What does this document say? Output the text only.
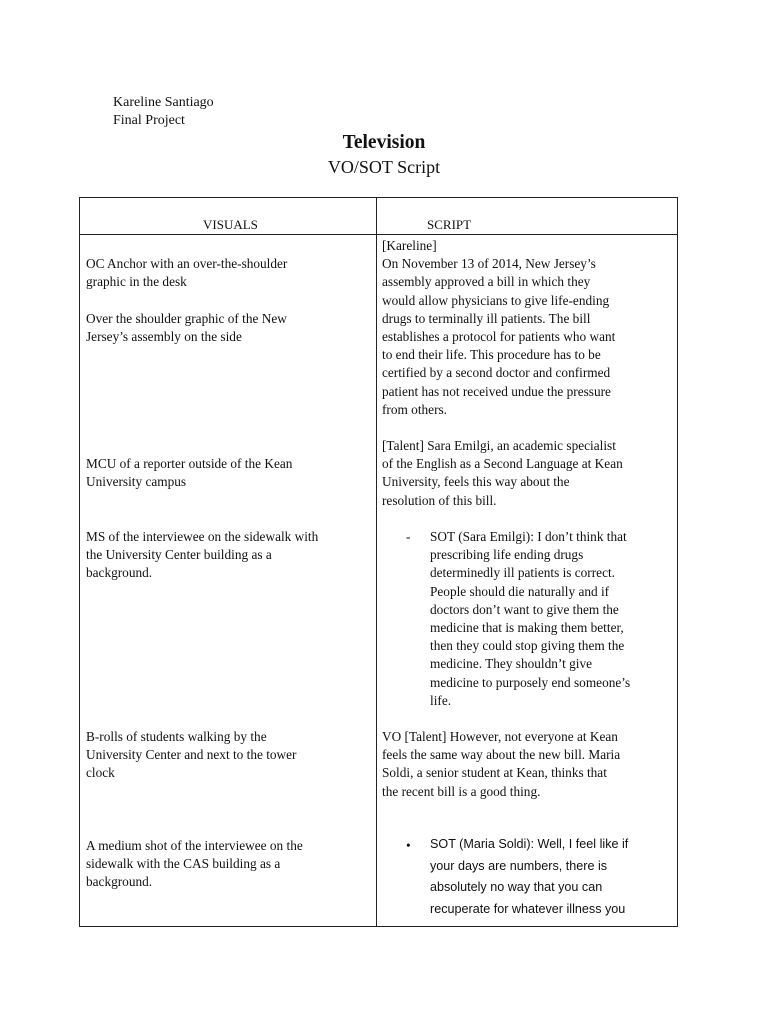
Kareline Santiago
Final Project
Television
VO/SOT Script
VISUALS	SCRIPT
OC Anchor with an over-the-shoulder
graphic in the desk
Over the shoulder graphic of the New
Jersey’s assembly on the side
MCU of a reporter outside of the Kean
University campus
MS of the interviewee on the sidewalk with
the University Center building as a
background.
B-rolls of students walking by the
University Center and next to the tower
clock
A medium shot of the interviewee on the
sidewalk with the CAS building as a
background.
[Kareline]
On November 13 of 2014, New Jersey’s
assembly approved a bill in which they
would allow physicians to give life-ending
drugs to terminally ill patients. The bill
establishes a protocol for patients who want
to end their life. This procedure has to be
certified by a second doctor and confirmed
patient has not received undue the pressure
from others.
[Talent] Sara Emilgi, an academic specialist
of the English as a Second Language at Kean
University, feels this way about the
resolution of this bill.
- SOT (Sara Emilgi): I don’t think that
prescribing life ending drugs
determinedly ill patients is correct.
People should die naturally and if
doctors don’t want to give them the
medicine that is making them better,
then they could stop giving them the
medicine. They shouldn’t give
medicine to purposely end someone’s
life.
VO [Talent] However, not everyone at Kean
feels the same way about the new bill. Maria
Soldi, a senior student at Kean, thinks that
the recent bill is a good thing.
• SOT (Maria Soldi): Well, I feel like if
your days are numbers, there is
absolutely no way that you can
recuperate for whatever illness you
